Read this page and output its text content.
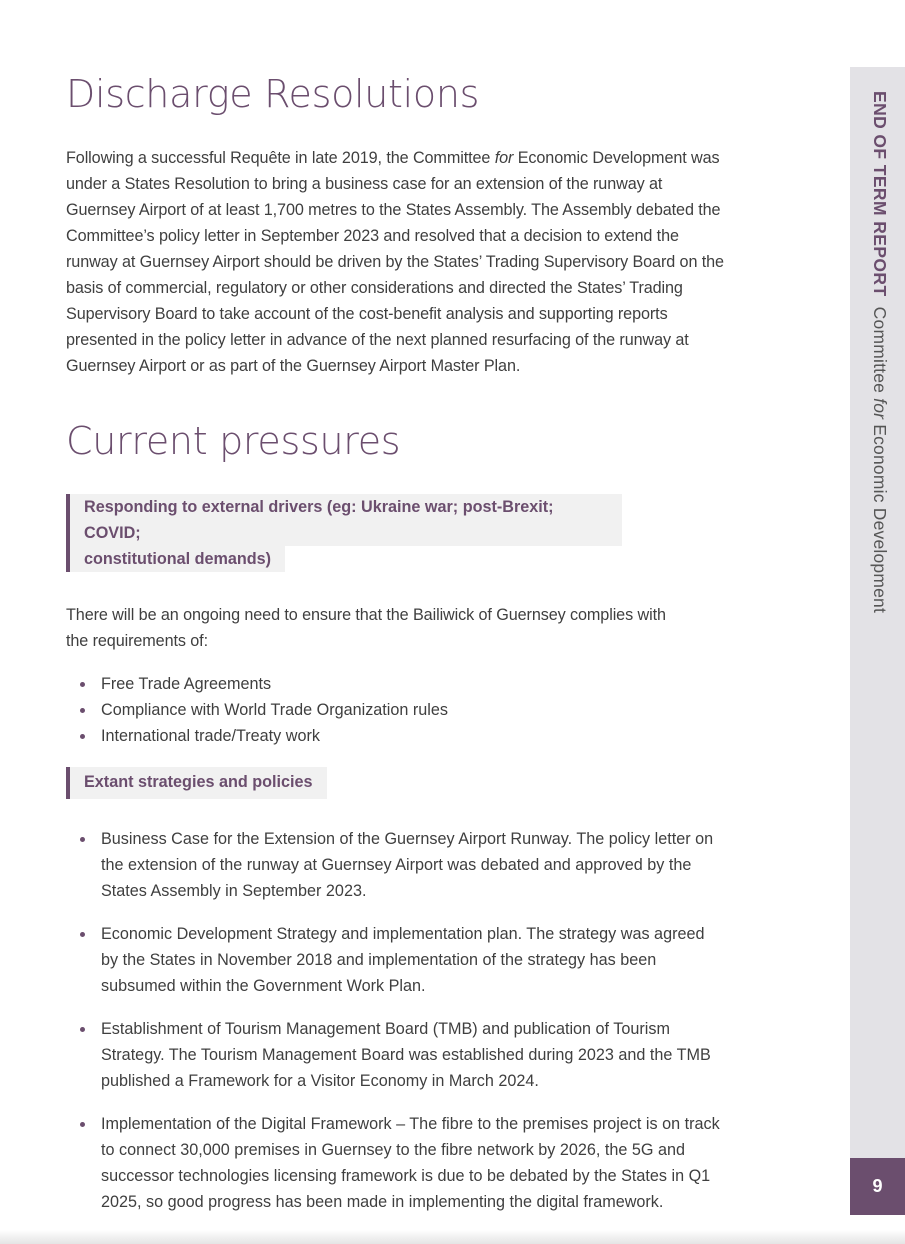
Discharge Resolutions

Following a successful Requête in late 2019, the Committee for Economic Development was under a States Resolution to bring a business case for an extension of the runway at Guernsey Airport of at least 1,700 metres to the States Assembly. The Assembly debated the Committee’s policy letter in September 2023 and resolved that a decision to extend the runway at Guernsey Airport should be driven by the States’ Trading Supervisory Board on the basis of commercial, regulatory or other considerations and directed the States’ Trading Supervisory Board to take account of the cost-benefit analysis and supporting reports presented in the policy letter in advance of the next planned resurfacing of the runway at Guernsey Airport or as part of the Guernsey Airport Master Plan.

Current pressures
Responding to external drivers (eg: Ukraine war; post-Brexit; COVID;
constitutional demands)

There will be an ongoing need to ensure that the Bailiwick of Guernsey complies with the requirements of:

Free Trade Agreements
Compliance with World Trade Organization rules
International trade/Treaty work
Extant strategies and policies
Business Case for the Extension of the Guernsey Airport Runway. The policy letter on the extension of the runway at Guernsey Airport was debated and approved by the States Assembly in September 2023.
Economic Development Strategy and implementation plan. The strategy was agreed by the States in November 2018 and implementation of the strategy has been subsumed within the Government Work Plan.
Establishment of Tourism Management Board (TMB) and publication of Tourism Strategy. The Tourism Management Board was established during 2023 and the TMB published a Framework for a Visitor Economy in March 2024.
Implementation of the Digital Framework – The fibre to the premises project is on track to connect 30,000 premises in Guernsey to the fibre network by 2026, the 5G and successor technologies licensing framework is due to be debated by the States in Q1 2025, so good progress has been made in implementing the digital framework.
END OF TERM REPORT  Committee for Economic Development
9
